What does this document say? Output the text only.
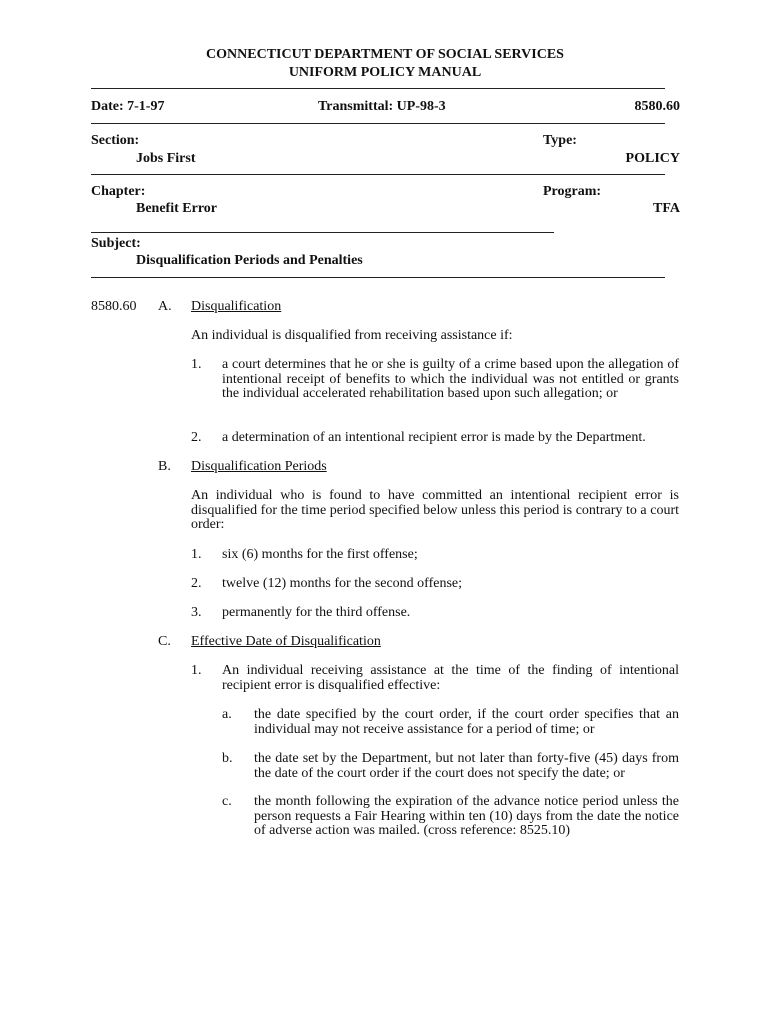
CONNECTICUT DEPARTMENT OF SOCIAL SERVICES
UNIFORM POLICY MANUAL
Date: 7-1-97	Transmittal: UP-98-3	8580.60
Section:
Jobs First
Type:
POLICY
Chapter:
Benefit Error
Program:
TFA
Subject:
Disqualification Periods and Penalties
8580.60 A. Disqualification
An individual is disqualified from receiving assistance if:
1. a court determines that he or she is guilty of a crime based upon the allegation of intentional receipt of benefits to which the individual was not entitled or grants the individual accelerated rehabilitation based upon such allegation; or
2. a determination of an intentional recipient error is made by the Department.
B. Disqualification Periods
An individual who is found to have committed an intentional recipient error is disqualified for the time period specified below unless this period is contrary to a court order:
1. six (6) months for the first offense;
2. twelve (12) months for the second offense;
3. permanently for the third offense.
C. Effective Date of Disqualification
1. An individual receiving assistance at the time of the finding of intentional recipient error is disqualified effective:
a. the date specified by the court order, if the court order specifies that an individual may not receive assistance for a period of time; or
b. the date set by the Department, but not later than forty-five (45) days from the date of the court order if the court does not specify the date; or
c. the month following the expiration of the advance notice period unless the person requests a Fair Hearing within ten (10) days from the date the notice of adverse action was mailed. (cross reference: 8525.10)
